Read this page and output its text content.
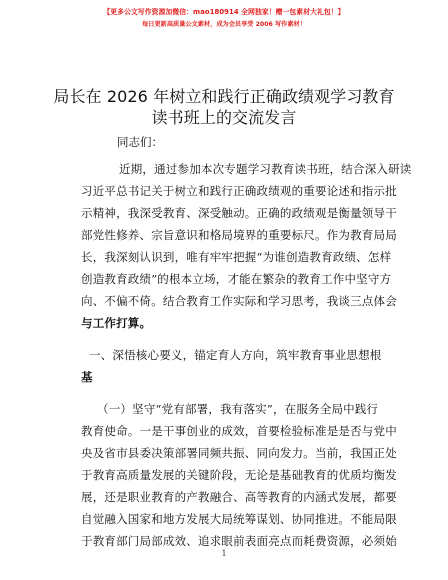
【更多公文写作资源加微信：mao180914 全网独家！赠一包素材大礼包！】
每日更新高质量公文素材，成为会员享受 2006 写作素材！
局长在 2026 年树立和践行正确政绩观学习教育
读书班上的交流发言
同志们：
近期，通过参加本次专题学习教育读书班，结合深入研读
习近平总书记关于树立和践行正确政绩观的重要论述和指示批
示精神，我深受教育、深受触动。正确的政绩观是衡量领导干
部党性修养、宗旨意识和格局境界的重要标尺。作为教育局局
长，我深刻认识到，唯有牢牢把握“为谁创造教育政绩、怎样
创造教育政绩”的根本立场，才能在繁杂的教育工作中坚守方
向、不偏不倚。结合教育工作实际和学习思考，我谈三点体会
与工作打算。
一、深悟核心要义，锚定育人方向，筑牢教育事业思想根
基
（一）坚守“党有部署，我有落实”，在服务全局中践行
教育使命。一是干事创业的成效，首要检验标准是是否与党中
央及省市县委决策部署同频共振、同向发力。当前，我国正处
于教育高质量发展的关键阶段，无论是基础教育的优质均衡发
展，还是职业教育的产教融合、高等教育的内涵式发展，都要
自觉融入国家和地方发展大局统筹谋划、协同推进。不能局限
于教育部门局部成效、追求眼前表面亮点而耗费资源，必须始
1
